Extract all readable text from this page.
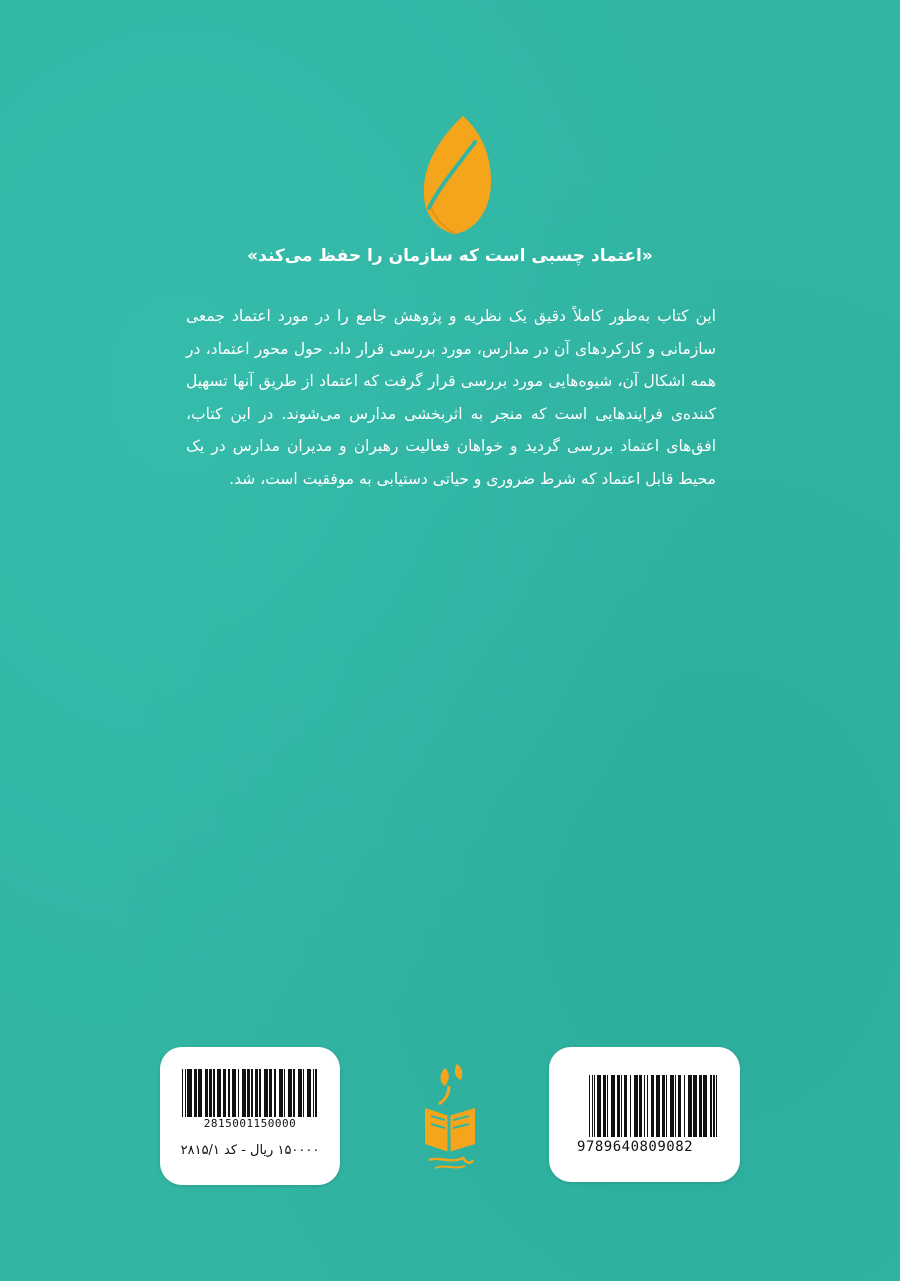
«اعتماد چسبی است که سازمان را حفظ می‌کند»

این کتاب به‌طور کاملاً دقیق یک نظریه و پژوهش جامع را در مورد اعتماد جمعی سازمانی و کارکردهای آن در مدارس، مورد بررسی قرار داد. حول محور اعتماد، در همه اشکال آن، شیوه‌هایی مورد بررسی قرار گرفت که اعتماد از طریق آنها تسهیل کننده‌ی فرایندهایی است که منجر به اثربخشی مدارس می‌شوند. در این کتاب، افق‌های اعتماد بررسی گردید و خواهان فعالیت رهبران و مدیران مدارس در یک محیط قابل اعتماد که شرط ضروری و حیاتی دستیابی به موفقیت است، شد.

2815001150000
۱۵۰۰۰۰ ریال - کد ۲۸۱۵/۱	9789640809082
